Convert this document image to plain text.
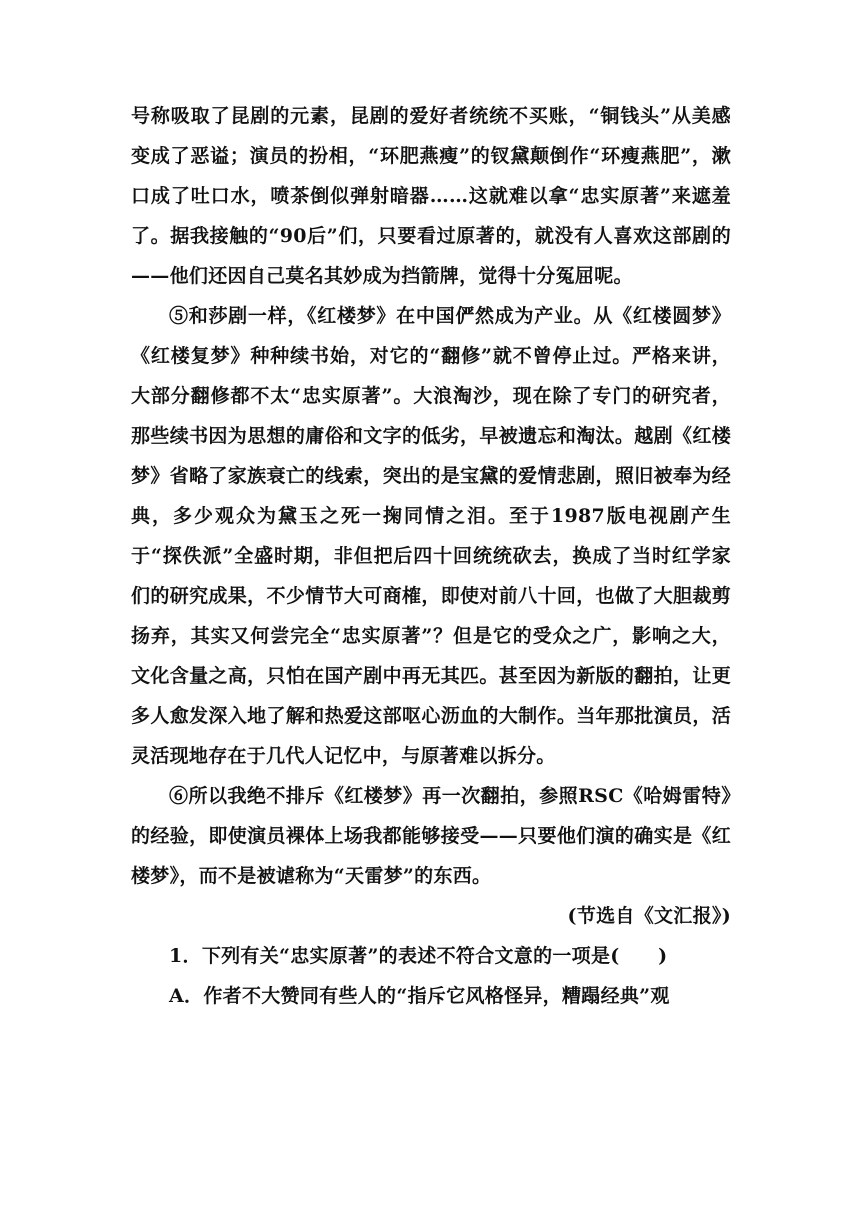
号称吸取了昆剧的元素，昆剧的爱好者统统不买账，“铜钱头”从美感变成了恶谥；演员的扮相，“环肥燕瘦”的钗黛颠倒作“环瘦燕肥”，漱口成了吐口水，喷茶倒似弹射暗器……这就难以拿“忠实原著”来遮羞了。据我接触的“90后”们，只要看过原著的，就没有人喜欢这部剧的——他们还因自己莫名其妙成为挡箭牌，觉得十分冤屈呢。

⑤和莎剧一样，《红楼梦》在中国俨然成为产业。从《红楼圆梦》《红楼复梦》种种续书始，对它的“翻修”就不曾停止过。严格来讲，大部分翻修都不太“忠实原著”。大浪淘沙，现在除了专门的研究者，那些续书因为思想的庸俗和文字的低劣，早被遗忘和淘汰。越剧《红楼梦》省略了家族衰亡的线索，突出的是宝黛的爱情悲剧，照旧被奉为经典，多少观众为黛玉之死一掬同情之泪。至于1987版电视剧产生于“探佚派”全盛时期，非但把后四十回统统砍去，换成了当时红学家们的研究成果，不少情节大可商榷，即使对前八十回，也做了大胆裁剪扬弃，其实又何尝完全“忠实原著”？但是它的受众之广，影响之大，文化含量之高，只怕在国产剧中再无其匹。甚至因为新版的翻拍，让更多人愈发深入地了解和热爱这部呕心沥血的大制作。当年那批演员，活灵活现地存在于几代人记忆中，与原著难以拆分。

⑥所以我绝不排斥《红楼梦》再一次翻拍，参照RSC《哈姆雷特》的经验，即使演员裸体上场我都能够接受——只要他们演的确实是《红楼梦》，而不是被谑称为“天雷梦”的东西。

(节选自《文汇报》)

1．下列有关“忠实原著”的表述不符合文意的一项是(　　)

A．作者不大赞同有些人的“指斥它风格怪异，糟蹋经典”观
